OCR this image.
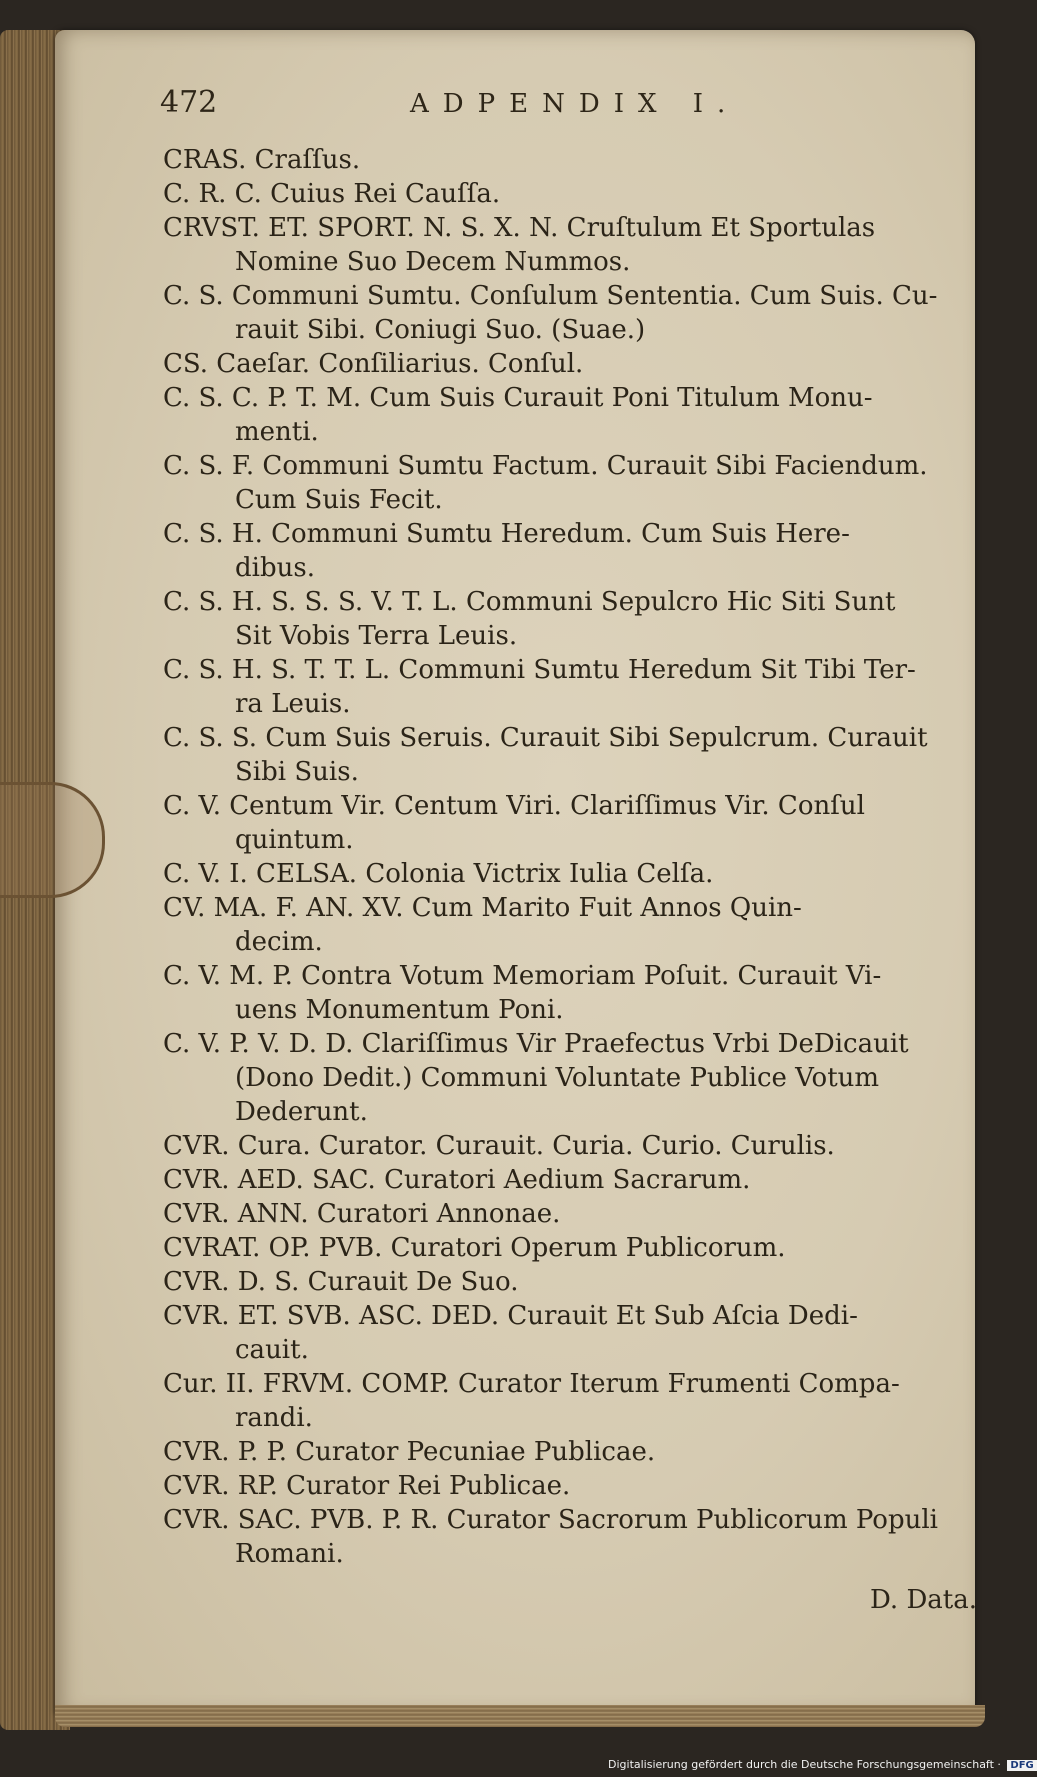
472	ADPENDIX I.
CRAS. Craſſus.
C. R. C. Cuius Rei Cauſſa.
CRVST. ET. SPORT. N. S. X. N. Cruſtulum Et Sportulas
Nomine Suo Decem Nummos.
C. S. Communi Sumtu. Conſulum Sententia. Cum Suis. Cu-
rauit Sibi. Coniugi Suo. (Suae.)
CS. Caeſar. Conſiliarius. Conſul.
C. S. C. P. T. M. Cum Suis Curauit Poni Titulum Monu-
menti.
C. S. F. Communi Sumtu Factum. Curauit Sibi Faciendum.
Cum Suis Fecit.
C. S. H. Communi Sumtu Heredum. Cum Suis Here-
dibus.
C. S. H. S. S. S. V. T. L. Communi Sepulcro Hic Siti Sunt
Sit Vobis Terra Leuis.
C. S. H. S. T. T. L. Communi Sumtu Heredum Sit Tibi Ter-
ra Leuis.
C. S. S. Cum Suis Seruis. Curauit Sibi Sepulcrum. Curauit
Sibi Suis.
C. V. Centum Vir. Centum Viri. Clariſſimus Vir. Conſul
quintum.
C. V. I. CELSA. Colonia Victrix Iulia Celſa.
CV. MA. F. AN. XV. Cum Marito Fuit Annos Quin-
decim.
C. V. M. P. Contra Votum Memoriam Poſuit. Curauit Vi-
uens Monumentum Poni.
C. V. P. V. D. D. Clariſſimus Vir Praefectus Vrbi DeDicauit
(Dono Dedit.) Communi Voluntate Publice Votum
Dederunt.
CVR. Cura. Curator. Curauit. Curia. Curio. Curulis.
CVR. AED. SAC. Curatori Aedium Sacrarum.
CVR. ANN. Curatori Annonae.
CVRAT. OP. PVB. Curatori Operum Publicorum.
CVR. D. S. Curauit De Suo.
CVR. ET. SVB. ASC. DED. Curauit Et Sub Aſcia Dedi-
cauit.
Cur. II. FRVM. COMP. Curator Iterum Frumenti Compa-
randi.
CVR. P. P. Curator Pecuniae Publicae.
CVR. RP. Curator Rei Publicae.
CVR. SAC. PVB. P. R. Curator Sacrorum Publicorum Populi
Romani.
D. Data.
Digitalisierung gefördert durch die Deutsche Forschungsgemeinschaft · DFG
